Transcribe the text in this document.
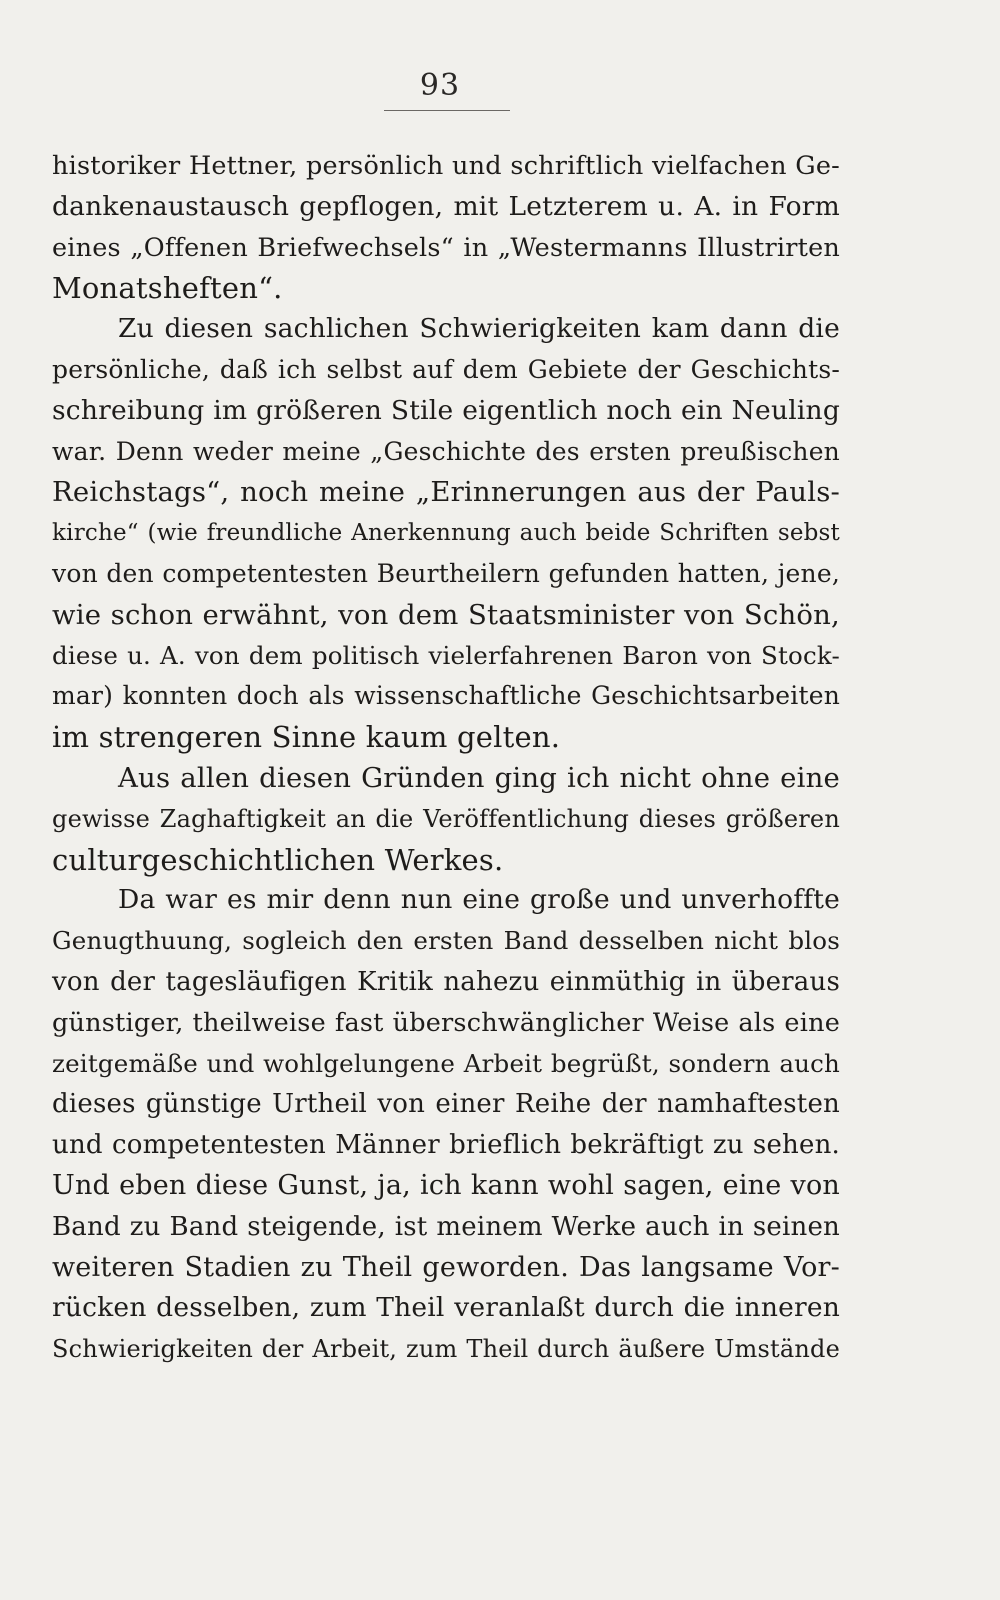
93
historiker Hettner, persönlich und schriftlich vielfachen Ge-
dankenaustausch gepflogen, mit Letzterem u. A. in Form
eines „Offenen Briefwechsels“ in „Westermanns Illustrirten
Monatsheften“.
Zu diesen sachlichen Schwierigkeiten kam dann die
persönliche, daß ich selbst auf dem Gebiete der Geschichts-
schreibung im größeren Stile eigentlich noch ein Neuling
war. Denn weder meine „Geschichte des ersten preußischen
Reichstags“, noch meine „Erinnerungen aus der Pauls-
kirche“ (wie freundliche Anerkennung auch beide Schriften sebst
von den competentesten Beurtheilern gefunden hatten, jene,
wie schon erwähnt, von dem Staatsminister von Schön,
diese u. A. von dem politisch vielerfahrenen Baron von Stock-
mar) konnten doch als wissenschaftliche Geschichtsarbeiten
im strengeren Sinne kaum gelten.
Aus allen diesen Gründen ging ich nicht ohne eine
gewisse Zaghaftigkeit an die Veröffentlichung dieses größeren
culturgeschichtlichen Werkes.
Da war es mir denn nun eine große und unverhoffte
Genugthuung, sogleich den ersten Band desselben nicht blos
von der tagesläufigen Kritik nahezu einmüthig in überaus
günstiger, theilweise fast überschwänglicher Weise als eine
zeitgemäße und wohlgelungene Arbeit begrüßt, sondern auch
dieses günstige Urtheil von einer Reihe der namhaftesten
und competentesten Männer brieflich bekräftigt zu sehen.
Und eben diese Gunst, ja, ich kann wohl sagen, eine von
Band zu Band steigende, ist meinem Werke auch in seinen
weiteren Stadien zu Theil geworden. Das langsame Vor-
rücken desselben, zum Theil veranlaßt durch die inneren
Schwierigkeiten der Arbeit, zum Theil durch äußere Umstände
